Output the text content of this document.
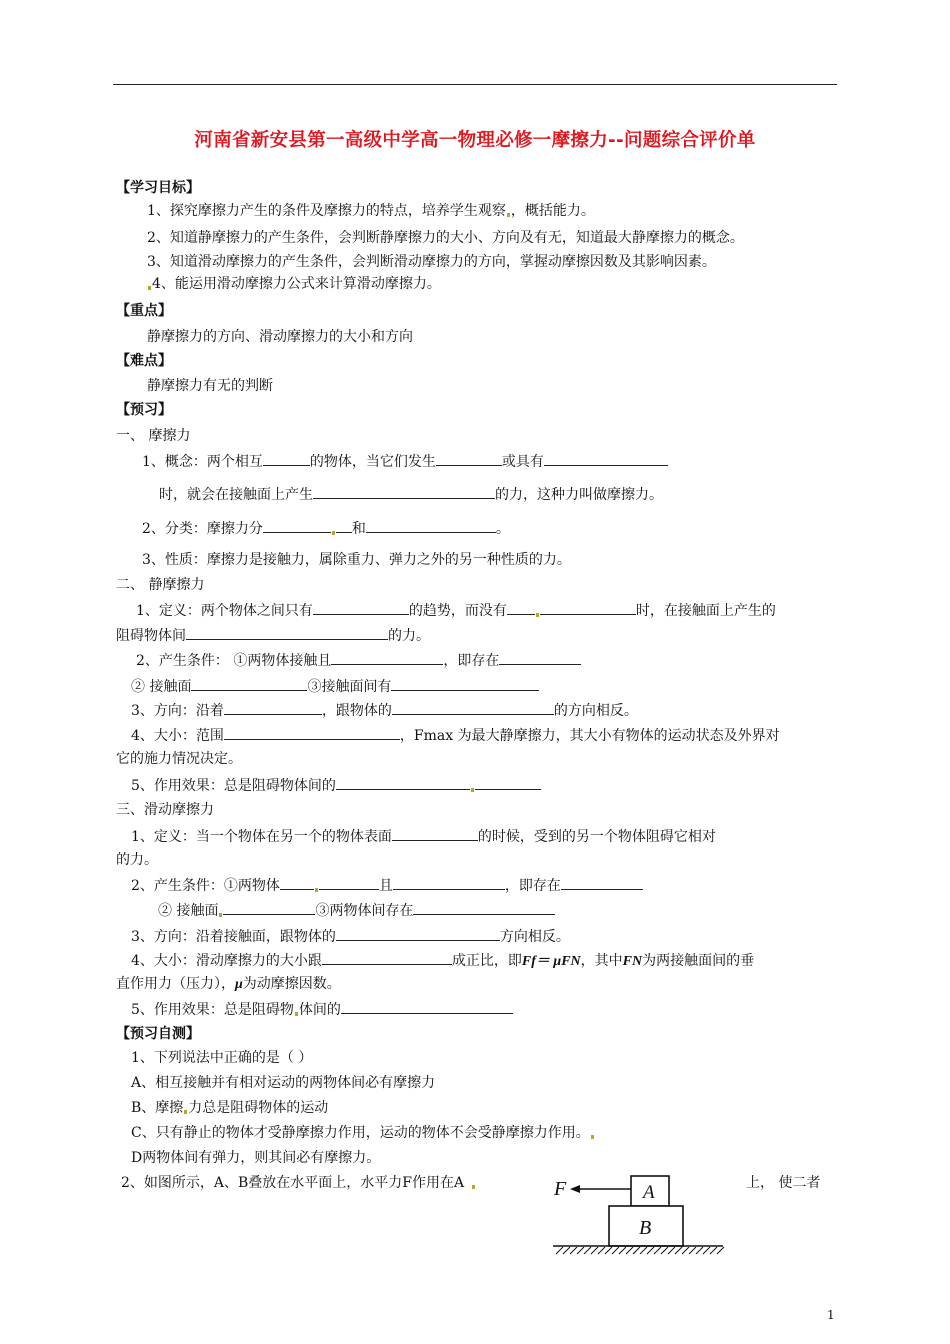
河南省新安县第一高级中学高一物理必修一摩擦力--问题综合评价单
【学习目标】
1、探究摩擦力产生的条件及摩擦力的特点，培养学生观察 ，概括能力。
2、知道静摩擦力的产生条件，会判断静摩擦力的大小、方向及有无，知道最大静摩擦力的概念。
3、知道滑动摩擦力的产生条件，会判断滑动摩擦力的方向，掌握动摩擦因数及其影响因素。
4、能运用滑动摩擦力公式来计算滑动摩擦力。
【重点】
静摩擦力的方向、滑动摩擦力的大小和方向
【难点】
静摩擦力有无的判断
【预习】
一、 摩擦力
1、概念：两个相互	的物体，当它们发生	或具有
时，就会在接触面上产生	的力，这种力叫做摩擦力。
2、分类：摩擦力分	和	。
3、性质：摩擦力是接触力，属除重力、弹力之外的另一种性质的力。
二、 静摩擦力
1、定义：两个物体之间只有	的趋势，而没有	时，在接触面上产生的
阻碍物体间	的力。
2、产生条件： ①两物体接触且	，即存在
② 接触面	③接触面间有
3、方向：沿着	，跟物体的	的方向相反。
4、大小：范围	，Fmax 为最大静摩擦力，其大小有物体的运动状态及外界对
它的施力情况决定。
5、作用效果：总是阻碍物体间的
三、滑动摩擦力
1、定义：当一个物体在另一个的物体表面	的时候，受到的另一个物体阻碍它相对
的力。
2、产生条件：①两物体	且	，即存在
② 接触面	③两物体间存在
3、方向：沿着接触面，跟物体的	方向相反。
4、大小：滑动摩擦力的大小跟	成正比，即Ff＝ μFN，其中FN为两接触面间的垂
直作用力（压力），μ为动摩擦因数。
5、作用效果：总是阻碍物 体间的
【预习自测】
1、下列说法中正确的是（ ）
A、相互接触并有相对运动的两物体间必有摩擦力
B、摩擦 力总是阻碍物体的运动
C、只有静止的物体才受静摩擦力作用，运动的物体不会受静摩擦力作用。
D两物体间有弹力，则其间必有摩擦力。
2、如图所示，A、B叠放在水平面上，水平力F作用在A	上， 使二者
F	A
B
1
